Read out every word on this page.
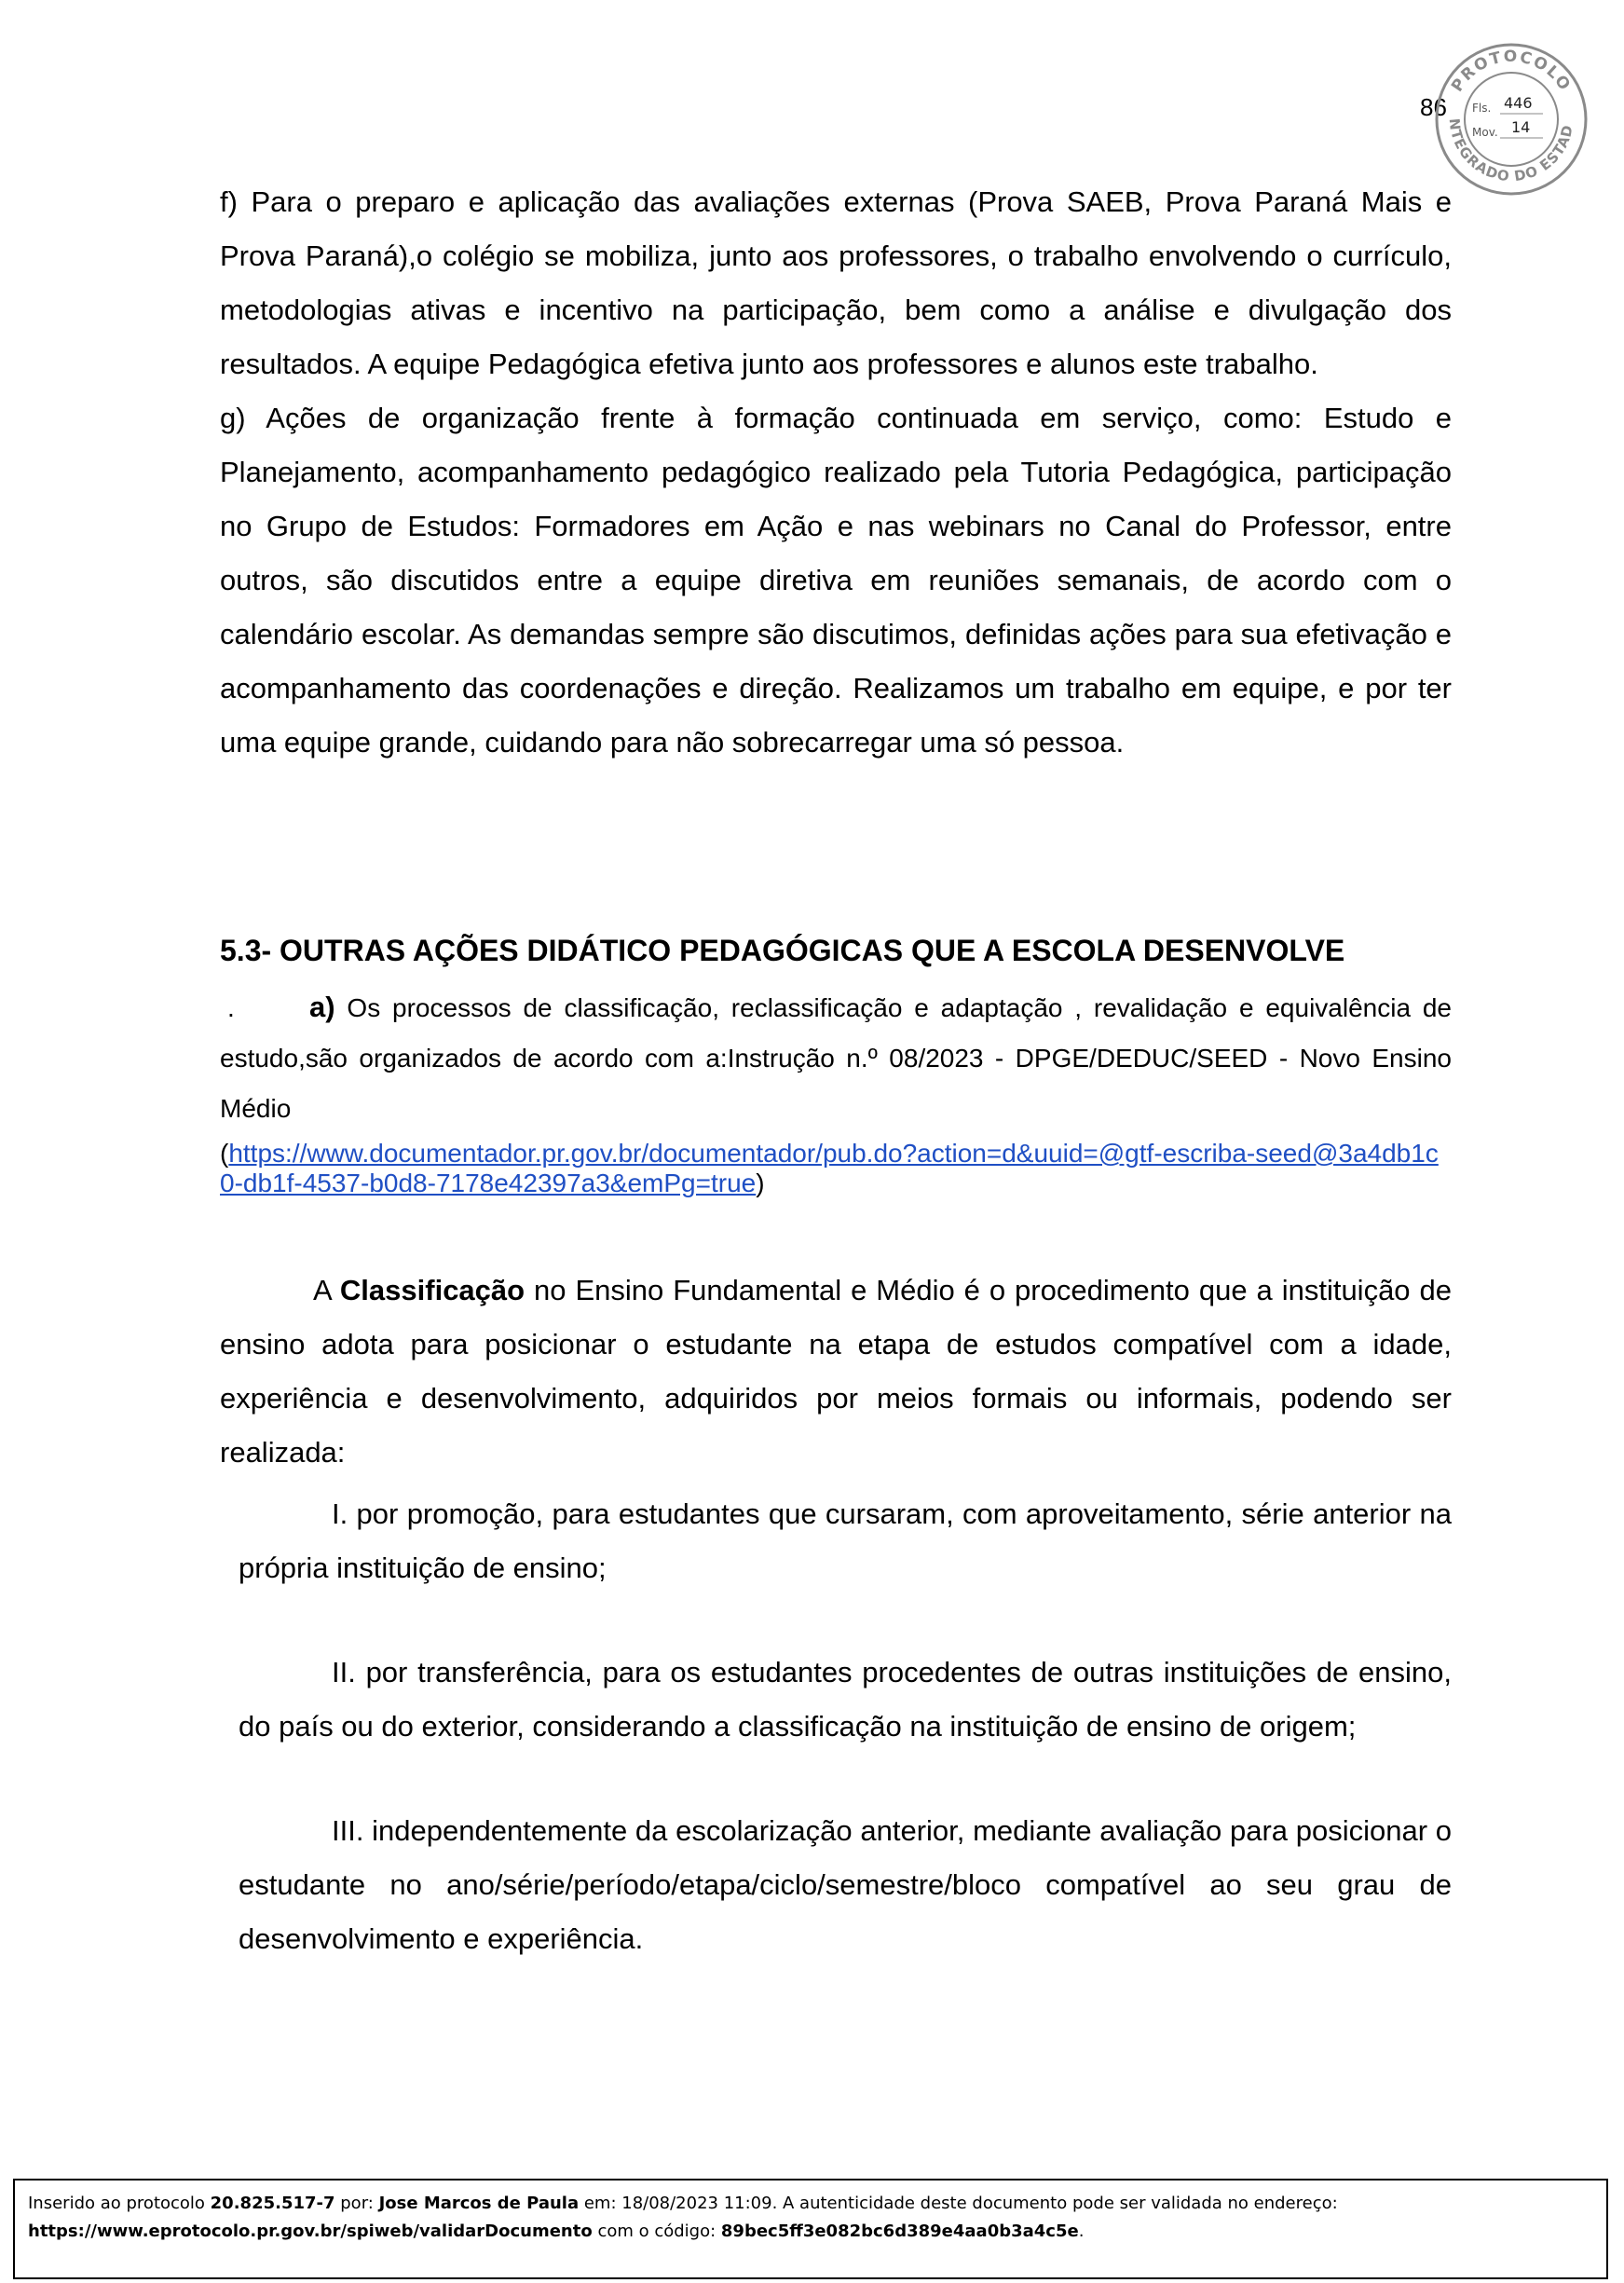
86
PROTOCOLO
NTEGRADO DO ESTAD
Fls. 446
Mov. 14

f) Para o preparo e aplicação das avaliações externas (Prova SAEB, Prova Paraná Mais e Prova Paraná),o colégio se mobiliza, junto aos professores, o trabalho envolvendo o currículo, metodologias ativas e incentivo na participação, bem como a análise e divulgação dos resultados. A equipe Pedagógica efetiva junto aos professores e alunos este trabalho.

g) Ações de organização frente à formação continuada em serviço, como: Estudo e Planejamento, acompanhamento pedagógico realizado pela Tutoria Pedagógica, participação no Grupo de Estudos: Formadores em Ação e nas webinars no Canal do Professor, entre outros, são discutidos entre a equipe diretiva em reuniões semanais, de acordo com o calendário escolar. As demandas sempre são discutimos, definidas ações para sua efetivação e acompanhamento das coordenações e direção. Realizamos um trabalho em equipe, e por ter uma equipe grande, cuidando para não sobrecarregar uma só pessoa.

5.3- OUTRAS AÇÕES DIDÁTICO PEDAGÓGICAS QUE A ESCOLA DESENVOLVE

.	a) Os processos de classificação, reclassificação e adaptação , revalidação e equivalência de estudo,são organizados de acordo com a:Instrução n.º 08/2023 - DPGE/DEDUC/SEED - Novo Ensino Médio

(https://www.documentador.pr.gov.br/documentador/pub.do?action=d&uuid=@gtf-escriba-seed@3a4db1c0-db1f-4537-b0d8-7178e42397a3&emPg=true)

A Classificação no Ensino Fundamental e Médio é o procedimento que a instituição de ensino adota para posicionar o estudante na etapa de estudos compatível com a idade, experiência e desenvolvimento, adquiridos por meios formais ou informais, podendo ser realizada:

I. por promoção, para estudantes que cursaram, com aproveitamento, série anterior na própria instituição de ensino;

II. por transferência, para os estudantes procedentes de outras instituições de ensino, do país ou do exterior, considerando a classificação na instituição de ensino de origem;

III. independentemente da escolarização anterior, mediante avaliação para posicionar o estudante no ano/série/período/etapa/ciclo/semestre/bloco compatível ao seu grau de desenvolvimento e experiência.

Inserido ao protocolo 20.825.517-7 por: Jose Marcos de Paula em: 18/08/2023 11:09. A autenticidade deste documento pode ser validada no endereço:
https://www.eprotocolo.pr.gov.br/spiweb/validarDocumento com o código: 89bec5ff3e082bc6d389e4aa0b3a4c5e.
